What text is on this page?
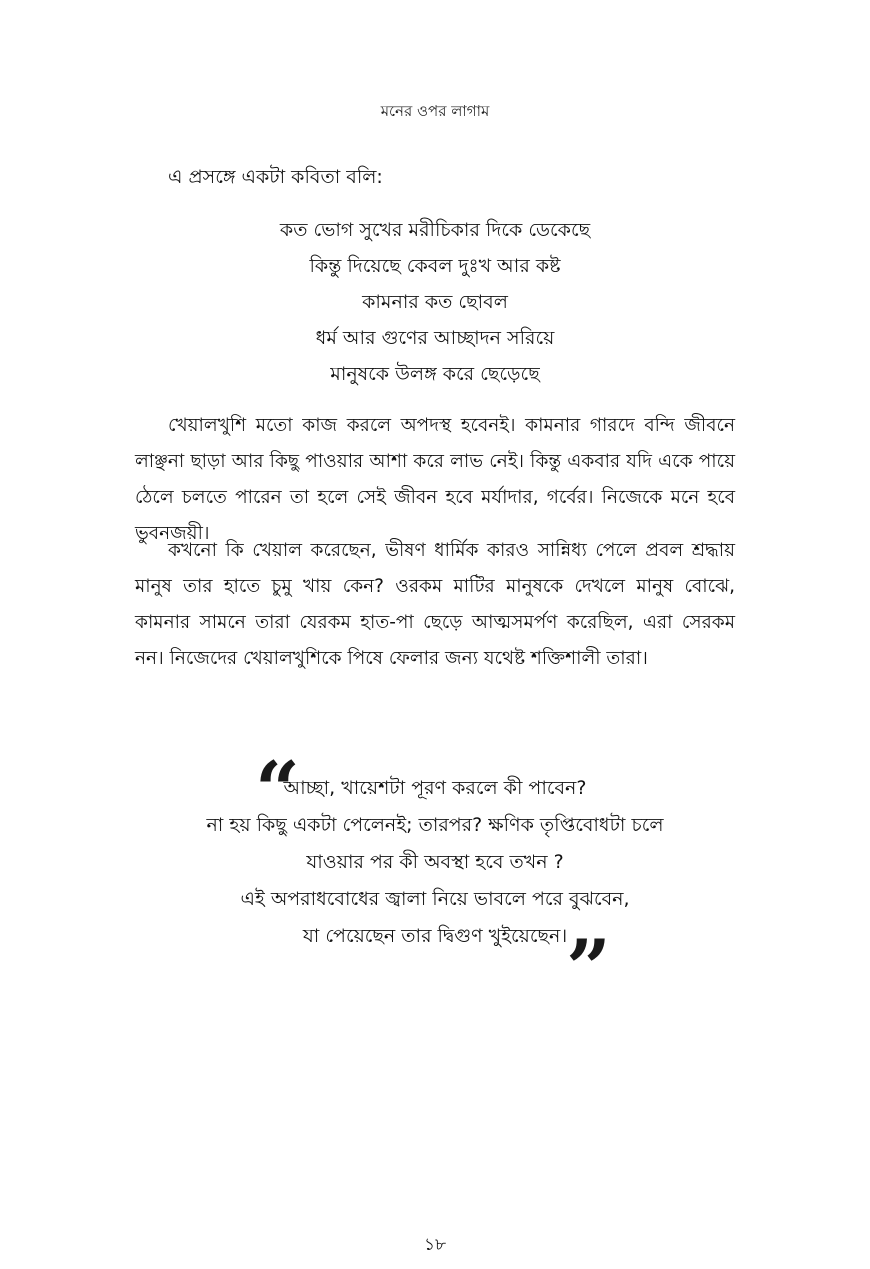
মনের ওপর লাগাম
এ প্রসঙ্গে একটা কবিতা বলি:
কত ভোগ সুখের মরীচিকার দিকে ডেকেছে
কিন্তু দিয়েছে কেবল দুঃখ আর কষ্ট
কামনার কত ছোবল
ধর্ম আর গুণের আচ্ছাদন সরিয়ে
মানুষকে উলঙ্গ করে ছেড়েছে

খেয়ালখুশি মতো কাজ করলে অপদস্থ হবেনই। কামনার গারদে বন্দি জীবনে লাঞ্ছনা ছাড়া আর কিছু পাওয়ার আশা করে লাভ নেই। কিন্তু একবার যদি একে পায়ে ঠেলে চলতে পারেন তা হলে সেই জীবন হবে মর্যাদার, গর্বের। নিজেকে মনে হবে ভুবনজয়ী।

কখনো কি খেয়াল করেছেন, ভীষণ ধার্মিক কারও সান্নিধ্য পেলে প্রবল শ্রদ্ধায় মানুষ তার হাতে চুমু খায় কেন? ওরকম মাটির মানুষকে দেখলে মানুষ বোঝে, কামনার সামনে তারা যেরকম হাত-পা ছেড়ে আত্মসমর্পণ করেছিল, এরা সেরকম নন। নিজেদের খেয়ালখুশিকে পিষে ফেলার জন্য যথেষ্ট শক্তিশালী তারা।

“
আচ্ছা, খায়েশটা পূরণ করলে কী পাবেন?
না হয় কিছু একটা পেলেনই; তারপর? ক্ষণিক তৃপ্তিবোধটা চলে
যাওয়ার পর কী অবস্থা হবে তখন ?
এই অপরাধবোধের জ্বালা নিয়ে ভাবলে পরে বুঝবেন,
যা পেয়েছেন তার দ্বিগুণ খুইয়েছেন।
”
১৮
